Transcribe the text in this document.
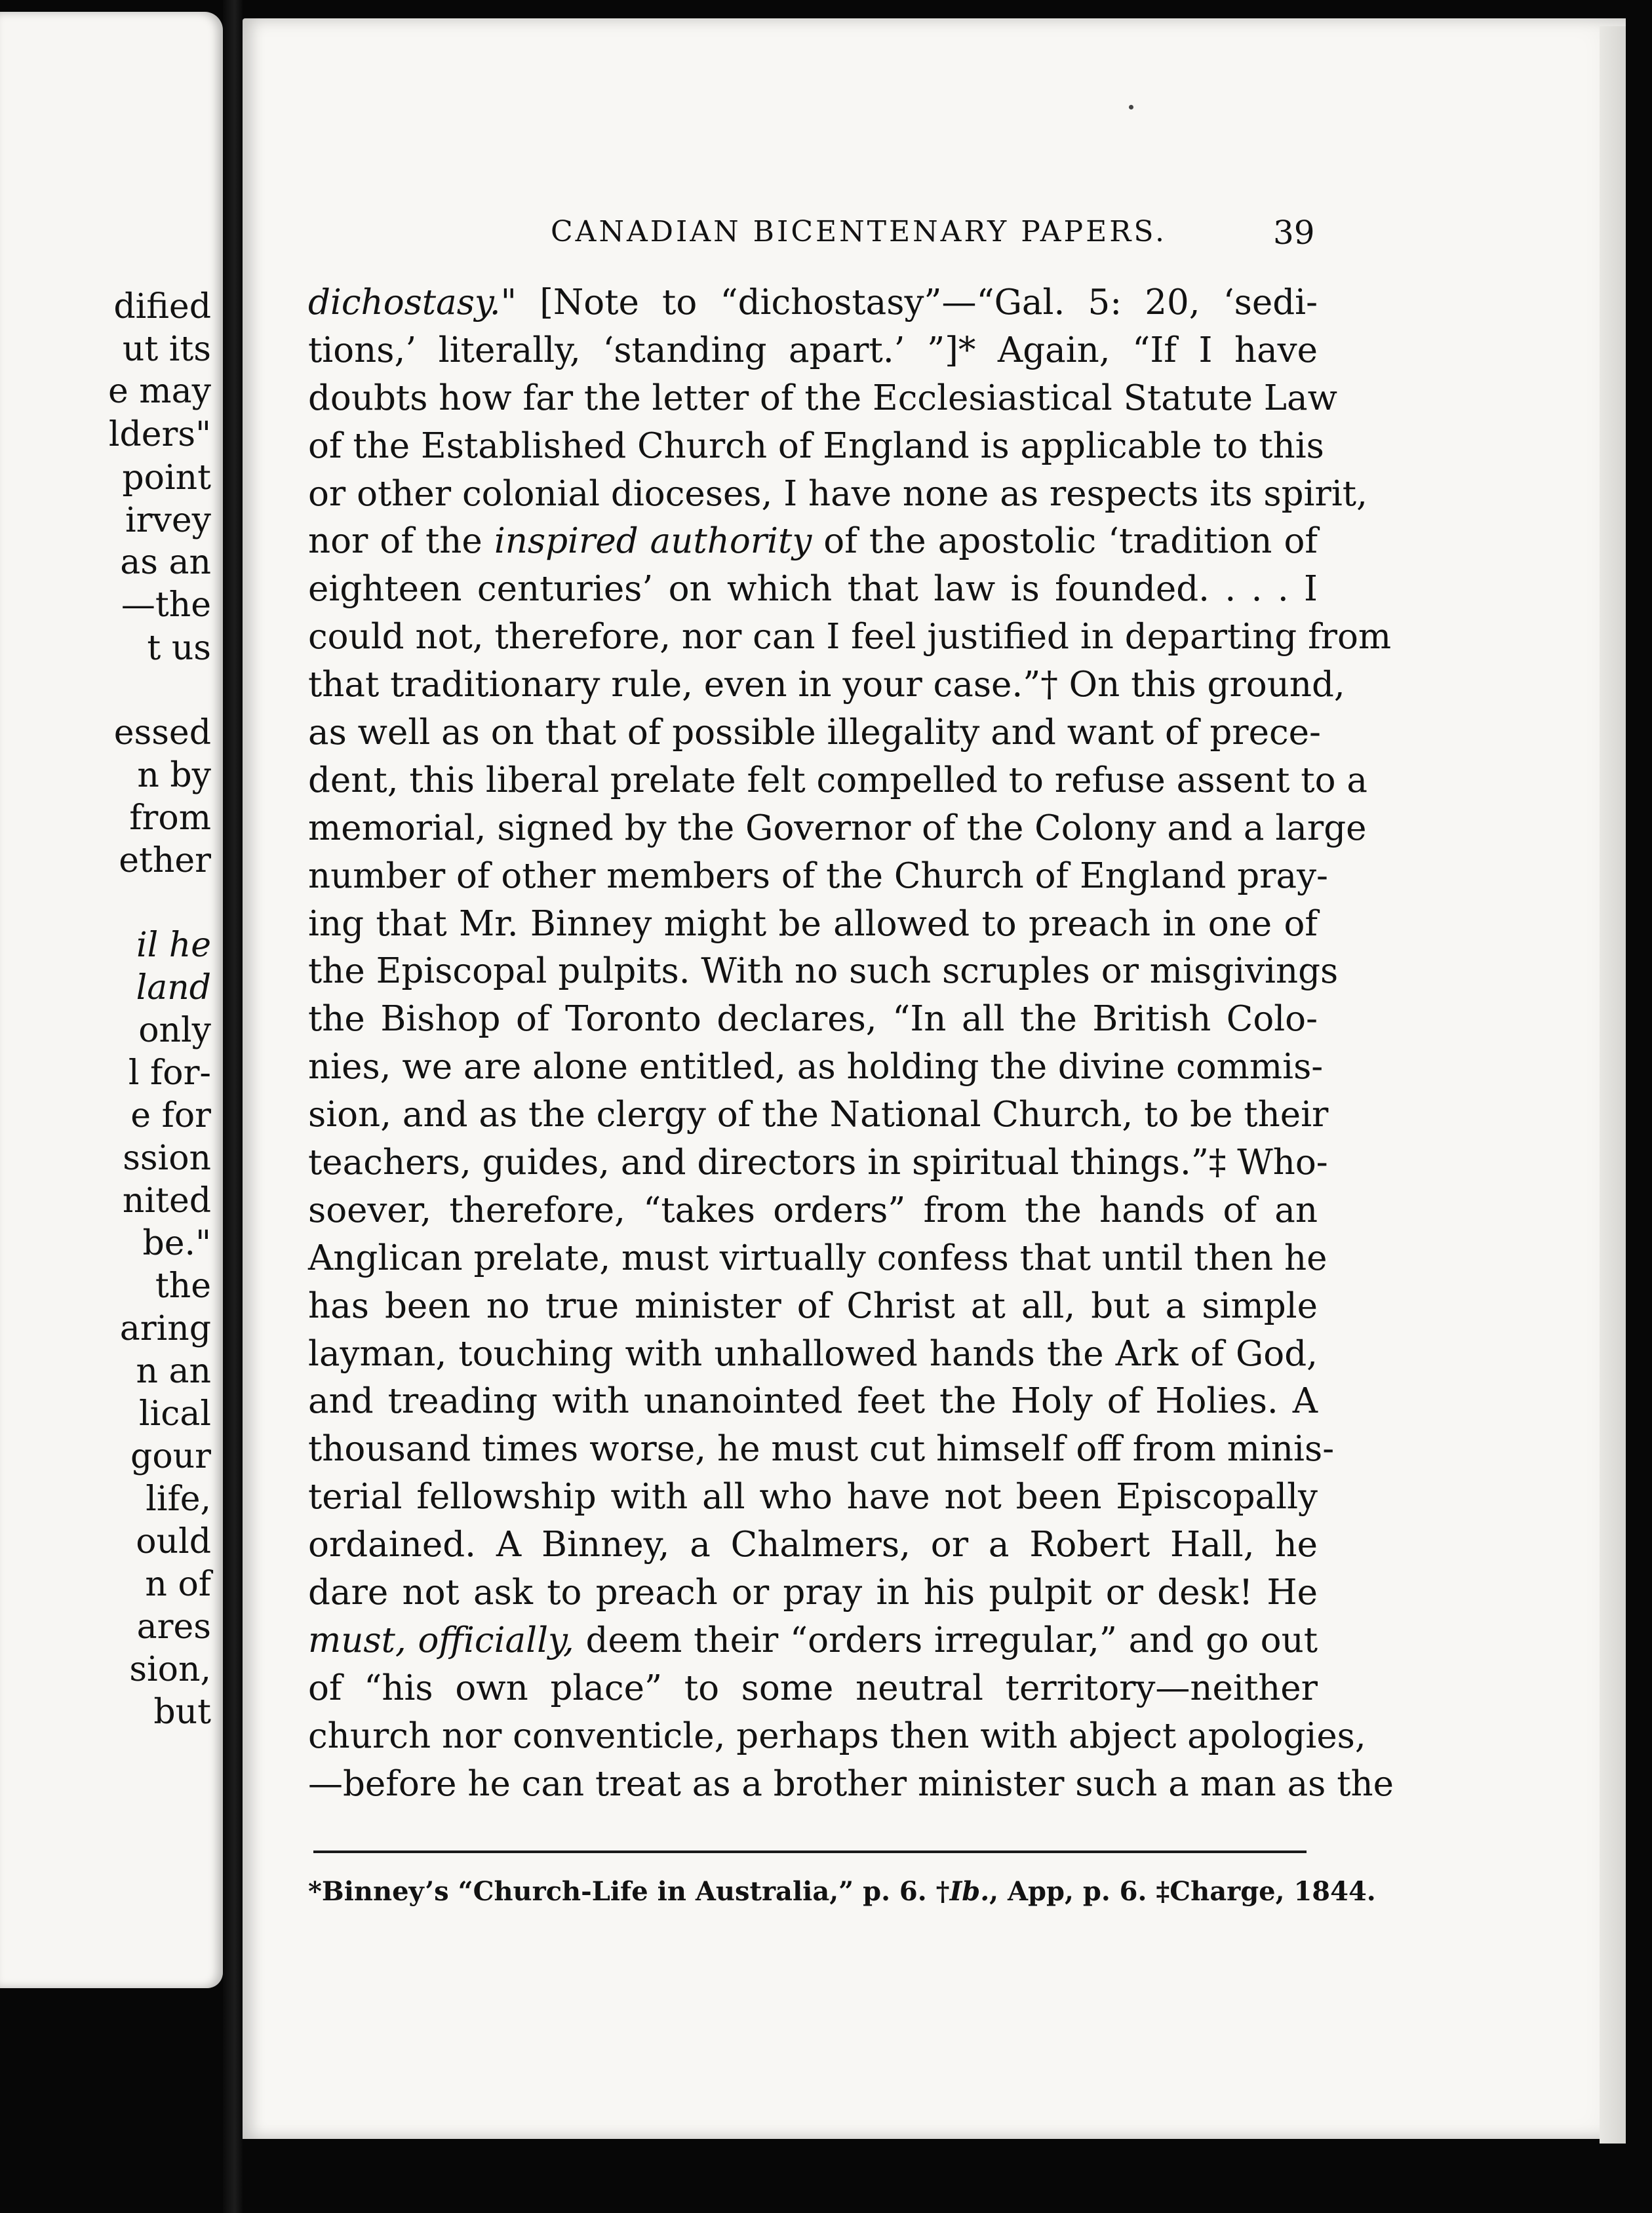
dified
ut its
e may
lders"
point
irvey
as an
—the
t us
essed
n by
from
ether
il he
land
only
l for-
e for
ssion
nited
be."
the
aring
n an
lical
gour
life,
ould
n of
ares
sion,
but
CANADIAN BICENTENARY PAPERS.	39
dichostasy." [Note to “dichostasy”—“Gal. 5: 20, ‘sedi-
tions,’ literally, ‘standing apart.’ ”]* Again, “If I have
doubts how far the letter of the Ecclesiastical Statute Law
of the Established Church of England is applicable to this
or other colonial dioceses, I have none as respects its spirit,
nor of the inspired authority of the apostolic ‘tradition of
eighteen centuries’ on which that law is founded. . . . I
could not, therefore, nor can I feel justified in departing from
that traditionary rule, even in your case.”† On this ground,
as well as on that of possible illegality and want of prece-
dent, this liberal prelate felt compelled to refuse assent to a
memorial, signed by the Governor of the Colony and a large
number of other members of the Church of England pray-
ing that Mr. Binney might be allowed to preach in one of
the Episcopal pulpits. With no such scruples or misgivings
the Bishop of Toronto declares, “In all the British Colo-
nies, we are alone entitled, as holding the divine commis-
sion, and as the clergy of the National Church, to be their
teachers, guides, and directors in spiritual things.”‡ Who-
soever, therefore, “takes orders” from the hands of an
Anglican prelate, must virtually confess that until then he
has been no true minister of Christ at all, but a simple
layman, touching with unhallowed hands the Ark of God,
and treading with unanointed feet the Holy of Holies. A
thousand times worse, he must cut himself off from minis-
terial fellowship with all who have not been Episcopally
ordained. A Binney, a Chalmers, or a Robert Hall, he
dare not ask to preach or pray in his pulpit or desk! He
must, officially, deem their “orders irregular,” and go out
of “his own place” to some neutral territory—neither
church nor conventicle, perhaps then with abject apologies,
—before he can treat as a brother minister such a man as the
*Binney’s “Church-Life in Australia,” p. 6. †Ib., App, p. 6. ‡Charge, 1844.
